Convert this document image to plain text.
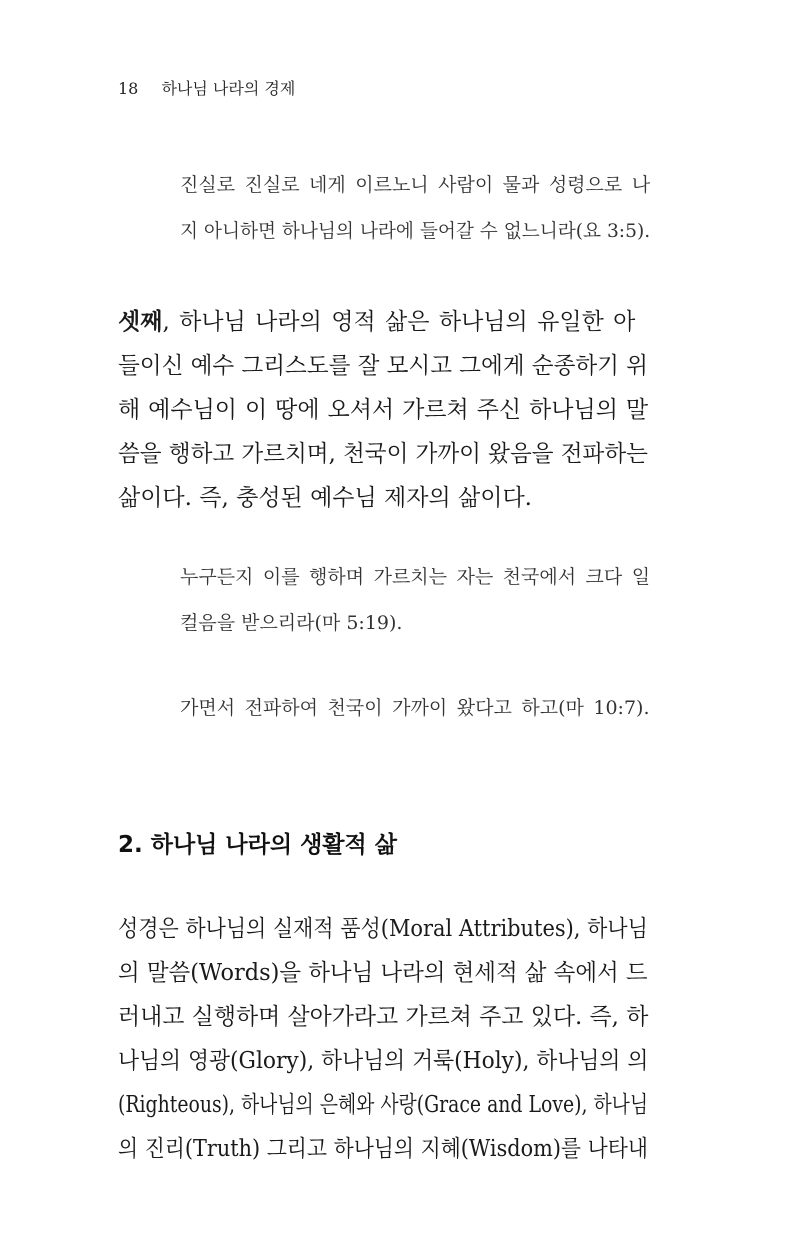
18 하나님 나라의 경제
진실로 진실로 네게 이르노니 사람이 물과 성령으로 나
지 아니하면 하나님의 나라에 들어갈 수 없느니라(요 3:5).
셋째, 하나님 나라의 영적 삶은 하나님의 유일한 아
들이신 예수 그리스도를 잘 모시고 그에게 순종하기 위
해 예수님이 이 땅에 오셔서 가르쳐 주신 하나님의 말
씀을 행하고 가르치며, 천국이 가까이 왔음을 전파하는
삶이다. 즉, 충성된 예수님 제자의 삶이다.
누구든지 이를 행하며 가르치는 자는 천국에서 크다 일
컬음을 받으리라(마 5:19).
가면서 전파하여 천국이 가까이 왔다고 하고(마 10:7).
2. 하나님 나라의 생활적 삶
성경은 하나님의 실재적 품성(Moral Attributes), 하나님
의 말씀(Words)을 하나님 나라의 현세적 삶 속에서 드
러내고 실행하며 살아가라고 가르쳐 주고 있다. 즉, 하
나님의 영광(Glory), 하나님의 거룩(Holy), 하나님의 의
(Righteous), 하나님의 은혜와 사랑(Grace and Love), 하나님
의 진리(Truth) 그리고 하나님의 지혜(Wisdom)를 나타내
